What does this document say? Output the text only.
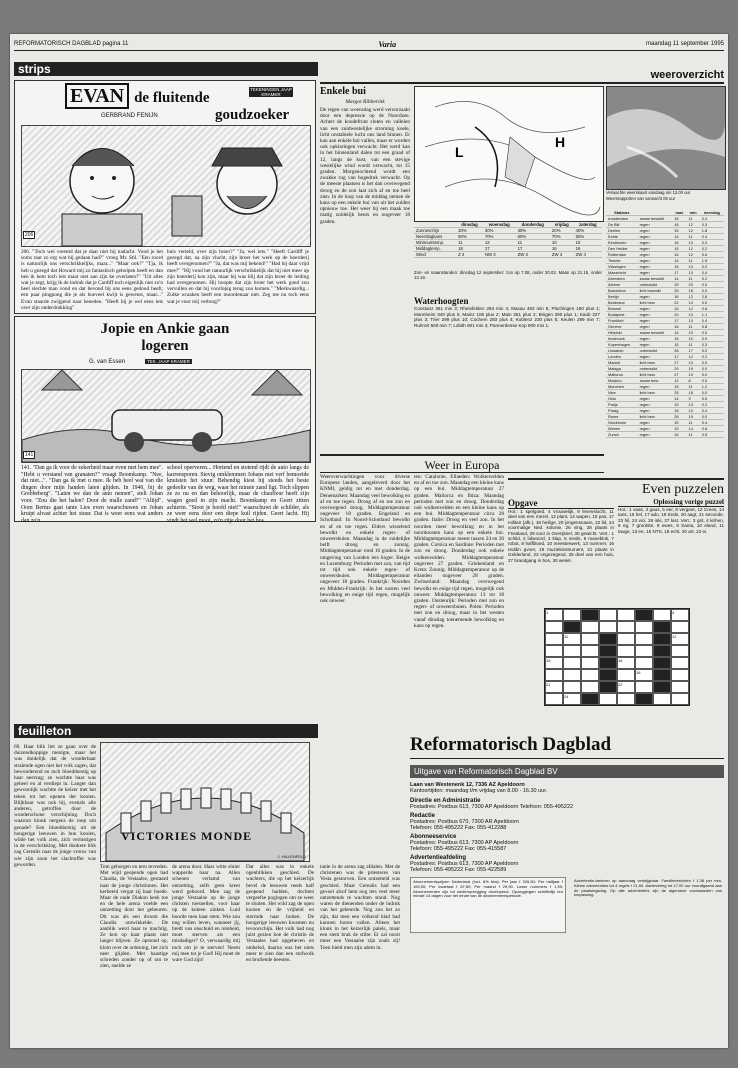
REFORMATORISCH DAGBLAD pagina 11	Varia	maandag 11 september 1995
strips
EVAN de fluitende
goudzoeker
TEKENINGEN JAAP KRAMER
GERBRAND FENIJN
206
206. "Toch wel vreemd dat je daar niet bij nadacht. Vond je het soms raar zo erg wat bij gedaan had?" vroeg Mr. Stil. "Een roord is natuurlijk ons verschrikkelijks, maar..." "Maar ook?" "Tja, ik heb u gezegd dat Howard mij zo fantastisch geholpen heeft en dan ben ik hem toch iets maar niet aan zijn ke overlaten?" "Uit alles wat je zegt, krijg ik de indruk dat je Cardiff toch eigenlijk niet zo'n heel slechte man vond en dat bevond bij ons eens gedood heeft, een paar pingpong die je als hoeveel kwijt is gewenst, maar..." Evan staarde zwijgend naar beneden. "Heeft hij je wel eens iets over zijn onderdrukking"
huis verteld, over zijn broer?" "Ja, wel iets." "Heeft Cardiff je gezegd dat, na zijn vlucht, zijn broer het werk op de boerderij heeft overgenomen?" "Ja, dat was mij bekend!" "Had hij daar vrijd mee?" "Hij vond het natuurlijk verschrikkelijk dat hij niet meer op zijn boerderij kon zijn, maar hij was blij dat zijn broer de leiding had overgenomen. Hij hoopte dat zijn broer het werk goed zou vervullen en dat hij voorlopig terug zou komen." "Merkwaardig... Zulke wraaken heeft een moordenaar niet. Zeg me nu toch eens wat je voor mij verborg?"
Jopie en Ankie gaan
logeren
G. van Essen	TEK. JAAP KRAMER
141
141. "Dan ga ik voor de zekerheid maar even met hem mee". "Hebt u verstand van granaten?" vraagt Boomkamp. "Nee, dat niet...". "Dan ga ik met u mee. Ik heb heel wat van die dingen door mijn handen laten glijden. In 1940, bij de Grebbeberg". "Laten we dan de auto nemen", stelt Johan voor. "Zou die het halen? Door de malle zand?" "Altijd". Oom Bertus gaat tante Lies even waarschuwen en Johan kruipt alvast achter het stuur. Dat is weer eens wat anders dan zo'n
school operveren... Hortend en stotend rijdt de auto langs de karrensporen. Stevig omklemmen Johans met verf bemoeide knuisten het stuur. Behendig kiest hij steeds het beste gedeelte van de weg, waar het minste zand ligt. Toch slippen ze zo nu en dan behoorlijk, maar de chauffeur heeft zijn wagen goed in zijn macht. Boomkamp en Geert zitten achterin. "Stoot je hoofd niet!" waarschuwt de schilder, als ze weer eens door een diepe kuil rijden. Geert lacht. Hij vindt het wel mooi, zo'n ritje door het bos.
weeroverzicht
Enkele bui
Margot Ribberink
De regen van woensdag werd veroorzaakt door een depressie op de Noordzee. Achter de koudefront sloten en valleien van een zuidwestelijke stroming koele, licht onstabiele lucht ons land binnen. Er kan aan enkele bui vallen, maar er worden ook opklaringen verwacht. Het werd kan in het binnenland dalen tot een graad of 12, langs de kust, van een stevige westelijke wind wordt verwacht, tot 15 graden. Morgenochtend wordt een zwakke rug van hogedruk verwacht. Op de meeste plaatsen is het dan overwegend droog en de zon laat zich af en toe heel zien. In de loop van de middag nemen de kans op een enkele bui van uit het zuiden opnieuw toe. Het weer bij een maak toe matig zuidelijk beurs en ongeveer 18 graden.
L
H
	dinsdag	woensdag	donderdag	vrijdag	zaterdag
Zonneschijn	30%	30%	30%	20%	40%
Neerslagkans	80%	70%	60%	70%	60%
Minimumtemp.	11	12	11	10	10
Middagtemp.	18	17	17	16	16
Wind	Z 4	NW 3	ZW 3	ZW 4	ZW 4
Zon- en maanstanden: dinsdag 12 september: zon op 7.08, onder 20.02. Maan op 21.15, onder 13.19.
Verwachte weerskaart vandaag om 12.00 uur
Weersrapporten van vannacht 06 uur
Waterhoogten
Constanz 361 min 3; Rheinfelden 294 min 4; Maxau 483 min 6; Plochingen 190 plus 1; Mannheim 340 plus 5; Mainz 106 plus 2; Main 261 plus 2; Bingen 290 plus 1; Kaub 227 plus 3; Trier 299 plus 10; Cochem 293 plus 4; Koblenz 230 plus 5; Keulen 299 min 7; Ruhrort 500 min 7; Lobith 901 min 3; Pannerdense Kop 900 min 1.
Stations		max	min	neerslag
Amsterdam	zwaar bewolkt	16	11	0.4
De Bilt	regen	16	12	0.3
Deelen	regen	15	12	1.8
Eelde	regen	14	11	0.4
Eindhoven	regen	16	13	0.3
Den Helder	regen	15	12	0.2
Rotterdam	regen	16	12	0.6
Twente	regen	14	11	1.9
Vlissingen	regen	15	14	0.2
Maastricht	regen	17	13	0.4
Aberdeen	zwaar bewolkt	14	11	0.2
Athene	onbewolkt	29	20	0.0
Barcelona	licht bewolkt	25	18	0.0
Berlijn	regen	16	12	2.8
Bordeaux	licht bew.	22	14	0.0
Brussel	regen	16	12	0.8
Budapest	regen	20	14	1.1
Frankfurt	regen	17	13	0.4
Geneve	regen	16	11	0.8
Helsinki	zwaar bewolkt	14	10	0.0
Innsbruck	regen	15	10	0.9
Kopenhagen	regen	15	11	0.3
Lissabon	onbewolkt	28	17	0.0
Londen	regen	17	12	0.2
Madrid	licht bew.	27	14	0.0
Malaga	onbewolkt	29	19	0.0
Mallorca	licht bew.	27	19	0.0
Moskou	zwaar bew.	12	8	0.0
Munchen	regen	15	11	1.2
Nice	licht bew.	25	18	0.0
Oslo	regen	14	9	0.5
Parijs	regen	19	13	0.2
Praag	regen	16	12	0.4
Rome	licht bew.	28	19	0.0
Stockholm	regen	15	11	0.4
Wenen	regen	19	14	0.6
Zurich	regen	16	11	0.9
Weer in Europa
Weersverwachtingen voor diverse Europese landen, aangeleverd door het KNMI, geldig tot en met donderdag. Denemarken: Maandag veel bewolking en af en toe regen. Droog af en toe zon en overwegend droog. Middagtemperatuur ongeveer 18 graden. Engeland en Schotland: In Noord-Schotland bewolkt en af en toe regen. Elders wisselend bewolkt en enkele regen- of onweersbuien. Maandag in de zuidelijke helft droog en zonnig. Middagtemperatuur rond 16 graden. In de omgeving van Londen iets hoger. Belgie en Luxemburg: Perioden met zon, van tijd tot tijd ook enkele regen- of onweersbuien. Middagtemperatuur ongeveer 18 graden. Frankrijk: Noorden en Midden-Frankrijk: In het oosten veel bewolking en enige tijd regen, mogelijk ook onweer.
ten: Catalonie, Ellaeden: Wolkenvelden en af en toe zon. Maandag een kleine kans op een bui. Middagtemperatuur 27 graden. Mallorca en Ibiza: Maandag perioden met zon en droog. Donderdag ook wolkenvelden en een kleine kans op een bui. Middagtemperatuur circa 28 graden. Italie: Droog en veel zon. In het noorden meer bewolking en in het noordoosten kans op een enkele bui. Middagtemperatuur meest tussen 24 en 30 graden. Corsica en Sardinie: Perioden met zon en droog. Donderdag ook enkele wolkenvelden. Middagtemperatuur ongeveer 27 graden. Griekenland en Kreta: Zonnig. Middagtemperatuur op de eilanden ongeveer 28 graden. Zwitserland: Maandag overwegend bewolkt en enige tijd regen, mogelijk ook onweer. Middagtemperatuur 13 tot 18 graden. Oostenrijk: Perioden met zon en regen- of onweersbuien. Polen: Perioden met zon en droog, maar in het westen vanaf dinsdag toenemende bewolking en kans op regen.
Even puzzelen
Opgave
Hor.: 1 spelgoed, 4 vrouwelijk, 9 levenslucht, 11 deel van een mezel, 12 plant, 14 wapen, 15 pas, 17 militair (afk.), 18 heilige, 20 jongensnaam, 22 lid, 24 voormalige Ned. kolonie, 26 ving, 28 plaats in Friesland, 29 voor in Overijssel, 30 gewicht. Vert.: 1 schild, 2 lidwoord, 3 klap, 5 nevils, 6 maneblok, 7 robot, 8 halfbloed, 10 meesterwerk, 13 nummer, 16 reddin gvoer, 19 muziekinstrument, 21 plaats in Gelderland, 23 ongezegend, 25 deel van een huis, 27 brandgang in bos, 30 wesel.
Oplossing vorige puzzel
Hor.: 1 vaas, 3 gaus, 5 eer, 8 vergeet, 12 Crees, 14 tans, 16 hel, 17 ado, 18 trede, 20 aagt, 21 seconde, 23 hil, 24 vici, 26 inki, 27 kist. Vert.: 3 grit, 4 kirhen, 6 eg, 7 grootste, 9 ewes, 9 Santa, 10 eland, 11 tauge, 13 ee, 15 NTS, 19 echt, 20 art, 22 ei.
1	4
11	12
15	16
18
21	22
24
feuilleton
69. Haar blik liet ze gaan over de duizendkoppige menigte, maar het was duidelijk dat de wonderbaar stralende ogen niet het volk zagen, dat bewonderend en toch bloeddorstig op haar neerzag; ze wachtte haar was geheel en al verdiept in. Langer dan gewoonlijk wachtte de keizer met het teken tot het openen der kooien. Blijkbaar was ook hij, evenals alle anderen, getroffen door de wonderschone verschijning. Doch waarom klonk nergens de roep om genade? Een bloeddorstig uit de hongerige leeuwen in hun kooien, wilde het volk zien, zich verlustigen in de verschrikking. Met donkere blik zag Cerealis naar de jonge vrouw van wie zijn zoon het slachtoffer was geworden.
VICTORIES MONDE
J. HILLENFELD
Tom geborgen en teru tevreden. Met wijd geopende ogen had Claudia, de Vestaalse, gestaard naar de jonge christinnen. Het kerbeeld vergat zij haar hoede. Maar de oude Diakon keek toe en de hele arena voelde een ontzetting door het gebeuren. Dit was als een droom die Claudia ontwikkelde. De aanblik werd haar te machtig. Ze kon op haar plaats niet langer blijven. Ze opstond op, klom over de ordening, liet zich neer glijden. Met haastige schreden zonder op of om te zien, snelde ze
de arena door. Haar witte sluier wapperde haar na. Allen schenen verlamd van ontzetting, zelfs geen kreet werd geboord. Men zag de jonge Vestaalse op de jonge christen toesnellen, voor haar op de knieen zinken. Luid hoorde men haar stem. Wie zou nog willen leven, wanneer jij, bredt van onschuld en reinheid, moet sterven als een misdadiger? O, verwaardig mij toch om je te sterven! Neem mij mee tot je God! Hij moet de ware God zijn!
Dat alles was in enkele ogenblikken geschied. De wachters, die op het keizerlijk bevel de leeuwen reeds half geopend hadden, dochten vergeefse pogingen om ze weer te sluiten. Het wild zag de open kooien en de vrijheid en stormde naar buiten. De hongerige leeuwen kwamen nu tevoorschijn. Het volk had nog juist gezien hoe de christin de Vestaalse had opgeheven en omhelsd, daarna was het niets meer te zien dan een stofwolk en brullende beesten.
tanie in de arena zag afdalen. Met de christenen was de priesteres van Vesta gestorven. Een ontzetteld was geschied. Maar Cerealis had een gevoel alsof hem nog iets veel meer ontzettends te wachten stond. Nog waren de dienenden onder de indruk van het gebeurde. Nog zou het zo zijn, dat men een volkend blad had kunnen horen vallen. Alleen het klonk in het keizerlijk paleis, maar een stem brak de stilte: Er zal nooit meer een Vestaalse zijn zoals zij! Toen hield men zijn adem in.
Reformatorisch Dagblad
Uitgave van Reformatorisch Dagblad BV
Laan van Westenenk 12, 7336 AZ Apeldoorn
Kantoortijden: maandag t/m vrijdag van 8.00 - 16.30 uur.
Directie en Administratie
Postadres: Postbus 613, 7300 AP Apeldoorn Telefoon: 055-495222
Redactie
Postadres: Postbus 670, 7300 AR Apeldoorn
Telefoon: 055-495222 Fax: 055-412288
Abonneeservice
Postadres: Postbus 613, 7300 AP Apeldoorn
Telefoon: 055-495222 Fax: 055-415587
Advertentieafdeling
Postadres: Postbus 613, 7300 AP Apeldoorn
Telefoon: 055-495222 Fax: 055-422589
Abonnementsprijzen Nederland (incl. 6% btw): Per jaar f 326,50; Per halfjaar f 169,50; Per kwartaal f 87,80; Per maand f 29,90. Losse nummers f 1,35; Abonnementen zijn tot wederopzegging doorlopend. Opzeggingen schriftelijk ten minste 14 dagen voor het einde van de abonnementsperiode.
Advertentie-tarieven op aanvraag verkrijgbaar. Familieberichten f 1,38 per mm. Kleine advertenties tot 4 regels f 21,50. Aanlevering tot 17.00 uur voorafgaand aan de plaatsingsdag. Op alle advertenties zijn de algemene voorwaarden van toepassing.
